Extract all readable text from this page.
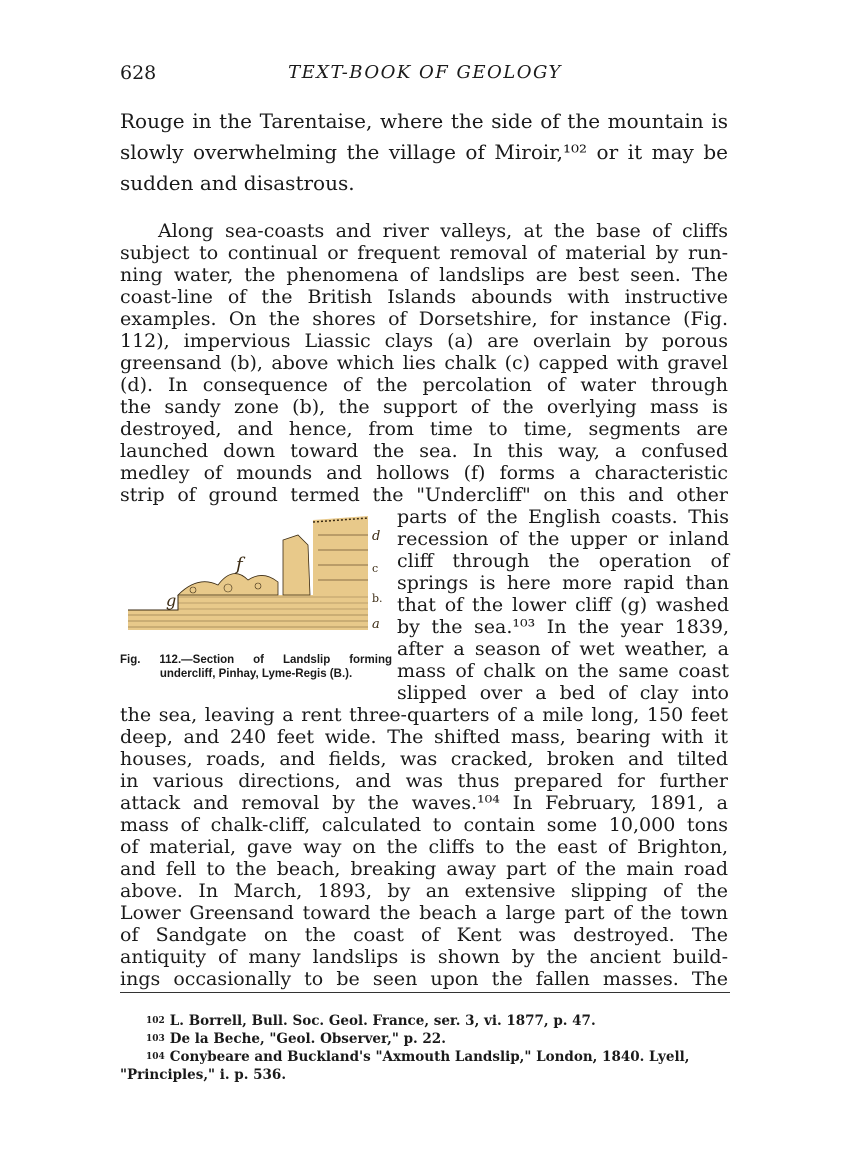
628	TEXT-BOOK OF GEOLOGY
Rouge in the Tarentaise, where the side of the mountain is
slowly overwhelming the village of Miroir,¹⁰² or it may be
sudden and disastrous.
Along sea-coasts and river valleys, at the base of cliffs
subject to continual or frequent removal of material by run-
ning water, the phenomena of landslips are best seen. The
coast-line of the British Islands abounds with instructive
examples. On the shores of Dorsetshire, for instance (Fig.
112), impervious Liassic clays (a) are overlain by porous
greensand (b), above which lies chalk (c) capped with gravel
(d). In consequence of the percolation of water through
the sandy zone (b), the support of the overlying mass is
destroyed, and hence, from time to time, segments are
launched down toward the sea. In this way, a confused
medley of mounds and hollows (f) forms a characteristic
strip of ground termed the "Undercliff" on this and other
parts of the English coasts. This
recession of the upper or inland
cliff through the operation of
springs is here more rapid than
that of the lower cliff (g) washed
by the sea.¹⁰³ In the year 1839,
after a season of wet weather, a
mass of chalk on the same coast
slipped over a bed of clay into
d
c
b.
a
f
g
Fig. 112.—Section of Landslip forming
undercliff, Pinhay, Lyme-Regis (B.).
the sea, leaving a rent three-quarters of a mile long, 150 feet
deep, and 240 feet wide. The shifted mass, bearing with it
houses, roads, and fields, was cracked, broken and tilted
in various directions, and was thus prepared for further
attack and removal by the waves.¹⁰⁴ In February, 1891, a
mass of chalk-cliff, calculated to contain some 10,000 tons
of material, gave way on the cliffs to the east of Brighton,
and fell to the beach, breaking away part of the main road
above. In March, 1893, by an extensive slipping of the
Lower Greensand toward the beach a large part of the town
of Sandgate on the coast of Kent was destroyed. The
antiquity of many landslips is shown by the ancient build-
ings occasionally to be seen upon the fallen masses. The
$^{102}$ L. Borrell, Bull. Soc. Geol. France, ser. 3, vi. 1877, p. 47.
$^{103}$ De la Beche, "Geol. Observer," p. 22.
$^{104}$ Conybeare and Buckland's "Axmouth Landslip," London, 1840. Lyell,
"Principles," i. p. 536.
